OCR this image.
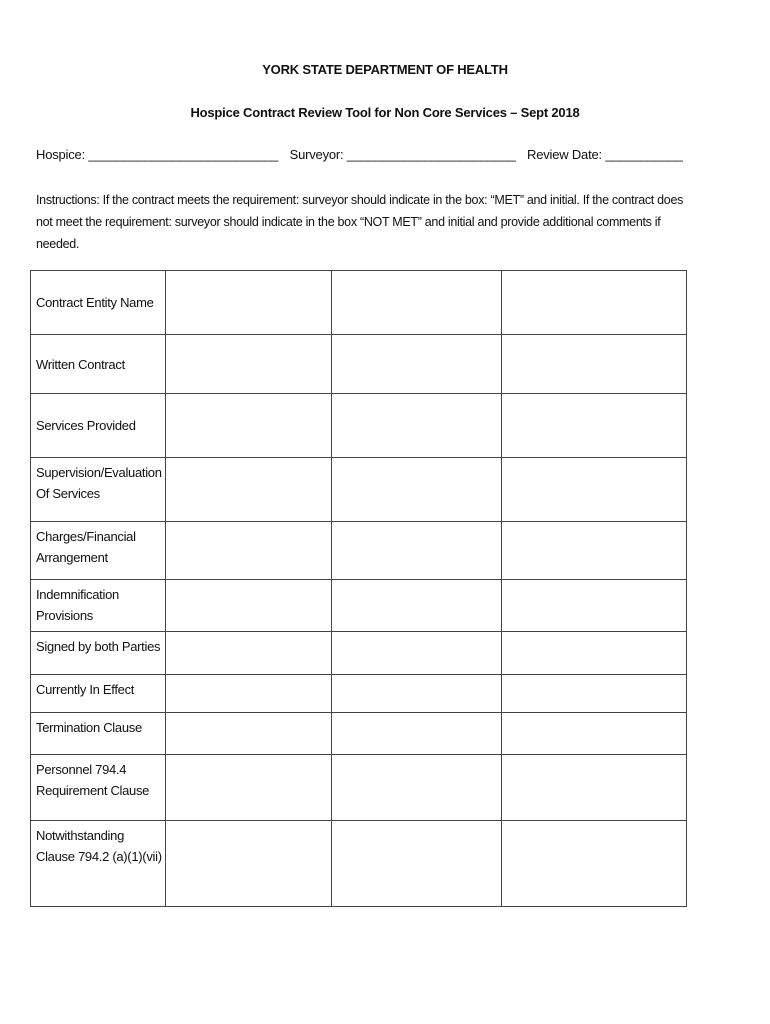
YORK STATE DEPARTMENT OF HEALTH
Hospice Contract Review Tool for Non Core Services – Sept 2018
Hospice: ___________________________ Surveyor: ________________________ Review Date: ___________
Instructions: If the contract meets the requirement: surveyor should indicate in the box: “MET” and initial. If the contract does not meet the requirement: surveyor should indicate in the box “NOT MET” and initial and provide additional comments if needed.
Contract Entity Name			
Written Contract			
Services Provided			
Supervision/Evaluation Of Services			
Charges/Financial Arrangement			
Indemnification Provisions			
Signed by both Parties			
Currently In Effect			
Termination Clause			
Personnel 794.4 Requirement Clause			
Notwithstanding Clause 794.2 (a)(1)(vii)			
